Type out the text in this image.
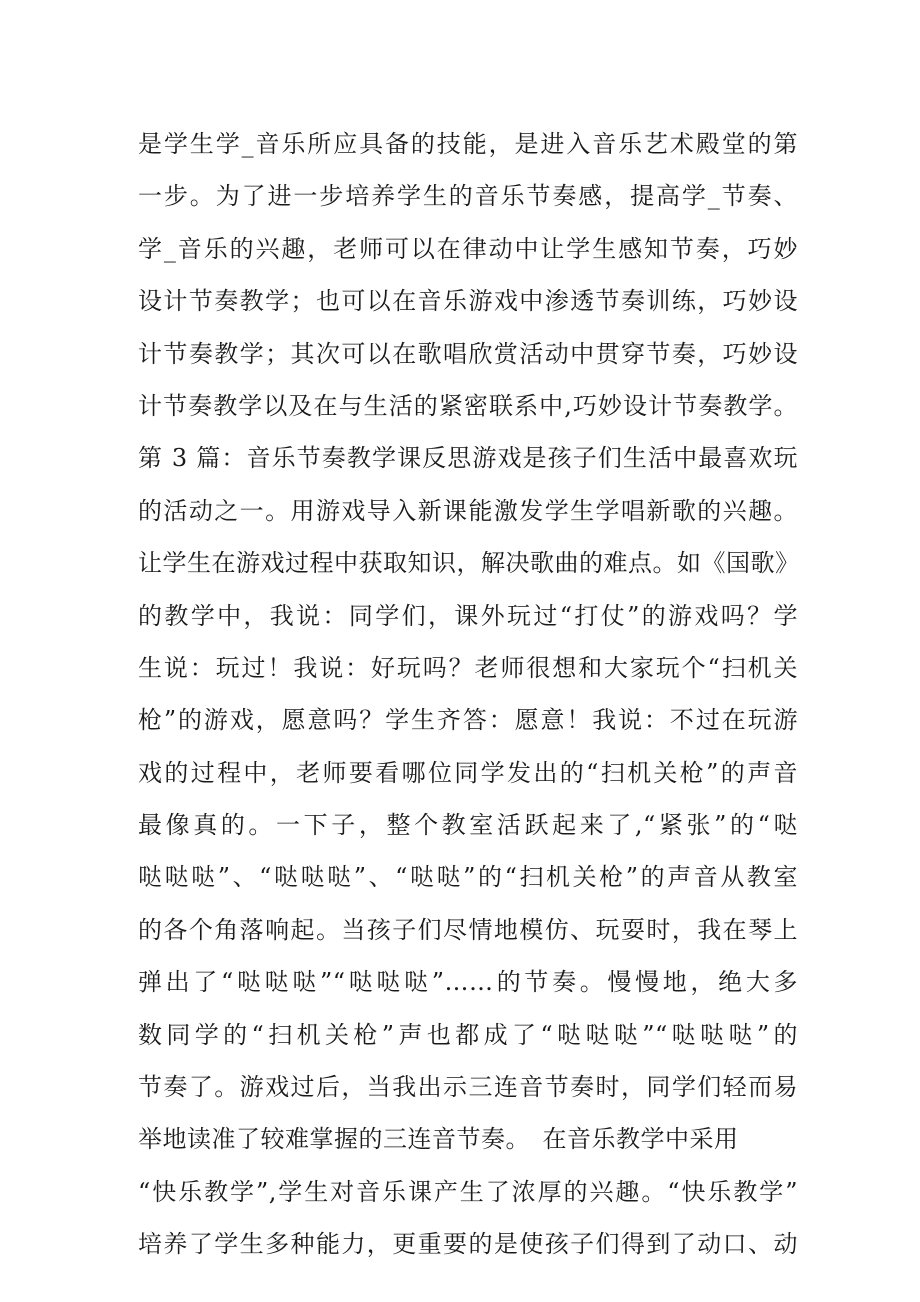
是学生学_音乐所应具备的技能，是进入音乐艺术殿堂的第
一步。为了进一步培养学生的音乐节奏感，提高学_节奏、
学_音乐的兴趣，老师可以在律动中让学生感知节奏，巧妙
设计节奏教学；也可以在音乐游戏中渗透节奏训练，巧妙设
计节奏教学；其次可以在歌唱欣赏活动中贯穿节奏，巧妙设
计节奏教学以及在与生活的紧密联系中,巧妙设计节奏教学。
第 3 篇：音乐节奏教学课反思游戏是孩子们生活中最喜欢玩
的活动之一。用游戏导入新课能激发学生学唱新歌的兴趣。
让学生在游戏过程中获取知识，解决歌曲的难点。如《国歌》
的教学中，我说：同学们，课外玩过“打仗”的游戏吗？学
生说：玩过！我说：好玩吗？老师很想和大家玩个“扫机关
枪”的游戏，愿意吗？学生齐答：愿意！我说：不过在玩游
戏的过程中，老师要看哪位同学发出的“扫机关枪”的声音
最像真的。一下子，整个教室活跃起来了,“紧张”的“哒
哒哒哒”、“哒哒哒”、“哒哒”的“扫机关枪”的声音从教室
的各个角落响起。当孩子们尽情地模仿、玩耍时，我在琴上
弹出了“哒哒哒”“哒哒哒”……的节奏。慢慢地，绝大多
数同学的“扫机关枪”声也都成了“哒哒哒”“哒哒哒”的
节奏了。游戏过后，当我出示三连音节奏时，同学们轻而易
举地读准了较难掌握的三连音节奏。　在音乐教学中采用
“快乐教学”,学生对音乐课产生了浓厚的兴趣。“快乐教学”
培养了学生多种能力，更重要的是使孩子们得到了动口、动
